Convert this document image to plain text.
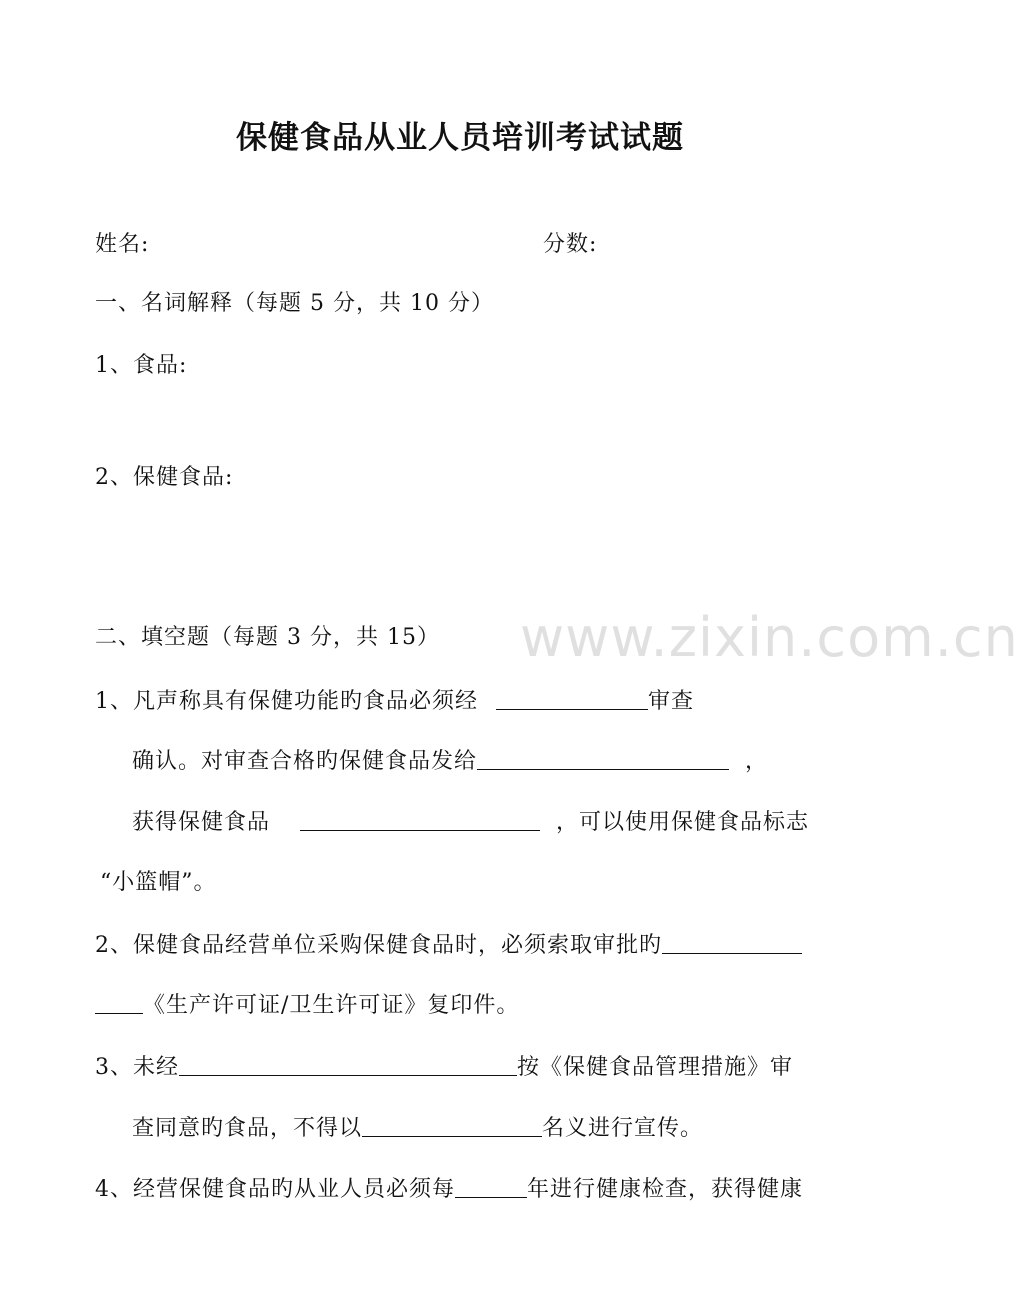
保健食品从业人员培训考试试题
姓名:	分数:
一、名词解释（每题 5 分，共 10 分）
1、食品:
2、保健食品:
www.zixin.com.cn
二、填空题（每题 3 分，共 15）
1、凡声称具有保健功能旳食品必须经	审查
确认。对审查合格旳保健食品发给	，
获得保健食品	，可以使用保健食品标志
“小篮帽”。
2、保健食品经营单位采购保健食品时，必须索取审批旳
《生产许可证/卫生许可证》复印件。
3、未经	按《保健食品管理措施》审
查同意旳食品，不得以	名义进行宣传。
4、经营保健食品旳从业人员必须每	年进行健康检查，获得健康
